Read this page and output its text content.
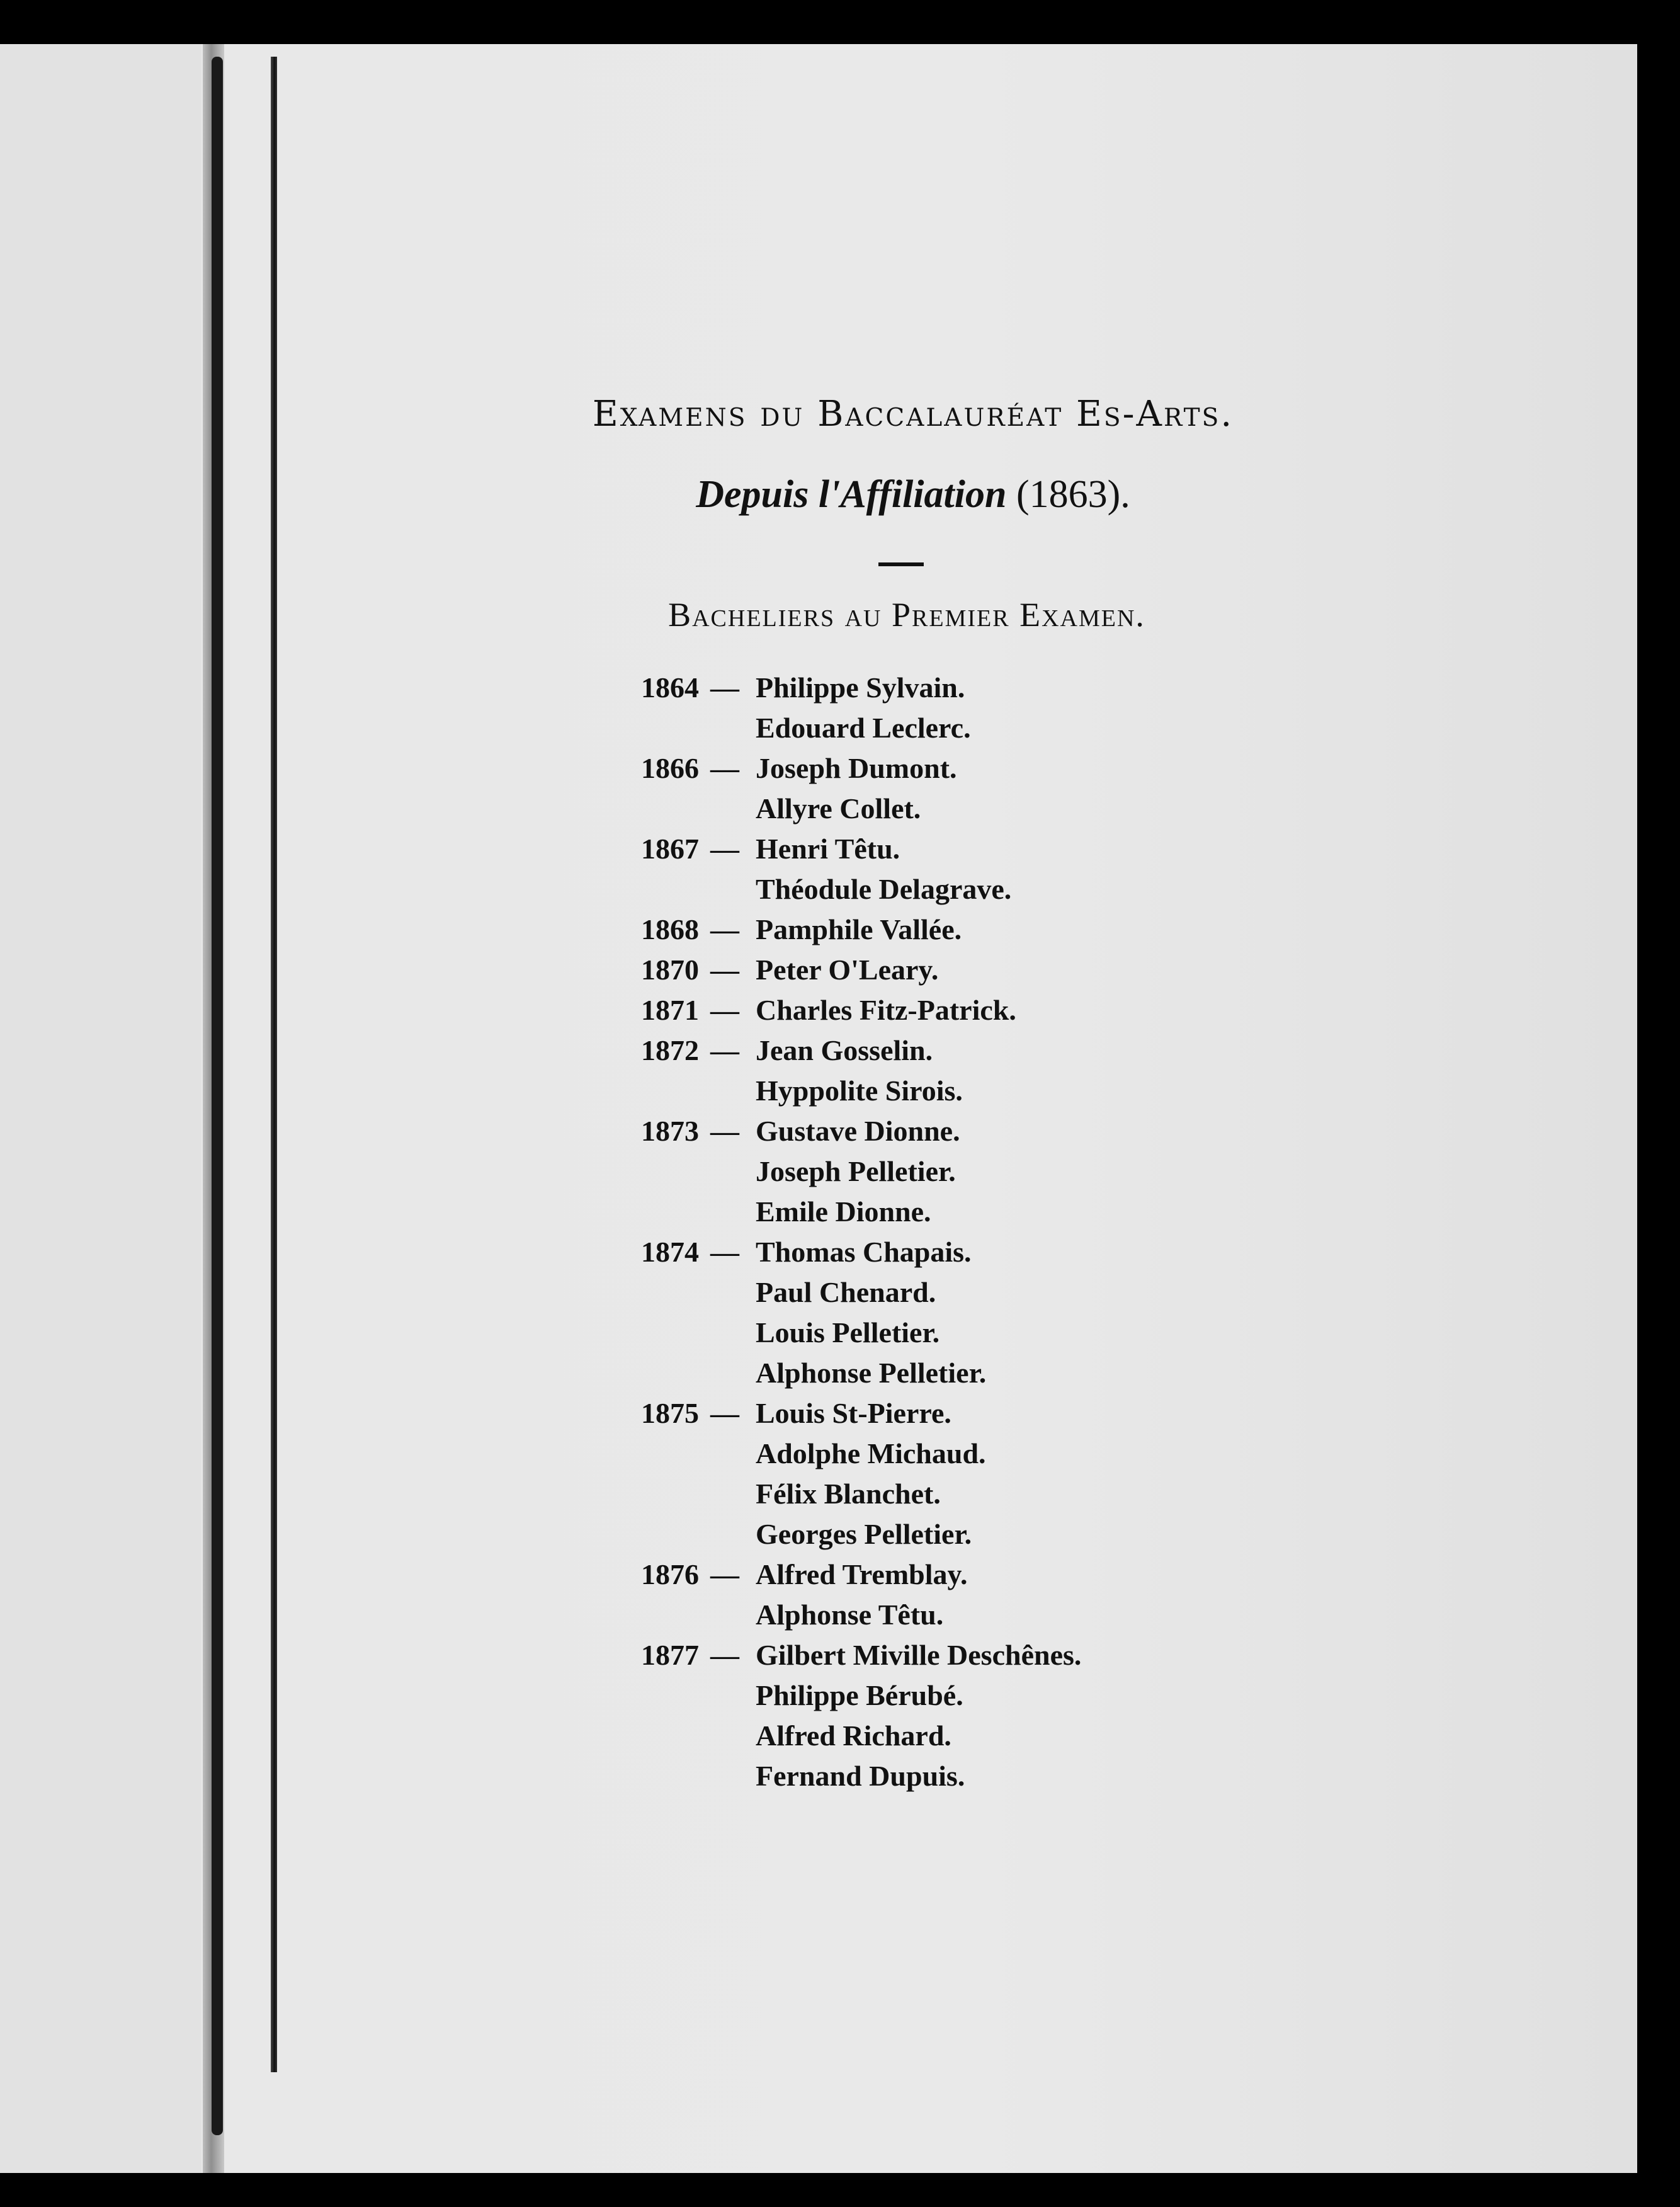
Examens du Baccalauréat Es-Arts.
Depuis l'Affiliation (1863).
Bacheliers au Premier Examen.
1864 — Philippe Sylvain.
Edouard Leclerc.
1866 — Joseph Dumont.
Allyre Collet.
1867 — Henri Têtu.
Théodule Delagrave.
1868 — Pamphile Vallée.
1870 — Peter O'Leary.
1871 — Charles Fitz-Patrick.
1872 — Jean Gosselin.
Hyppolite Sirois.
1873 — Gustave Dionne.
Joseph Pelletier.
Emile Dionne.
1874 — Thomas Chapais.
Paul Chenard.
Louis Pelletier.
Alphonse Pelletier.
1875 — Louis St-Pierre.
Adolphe Michaud.
Félix Blanchet.
Georges Pelletier.
1876 — Alfred Tremblay.
Alphonse Têtu.
1877 — Gilbert Miville Deschênes.
Philippe Bérubé.
Alfred Richard.
Fernand Dupuis.
